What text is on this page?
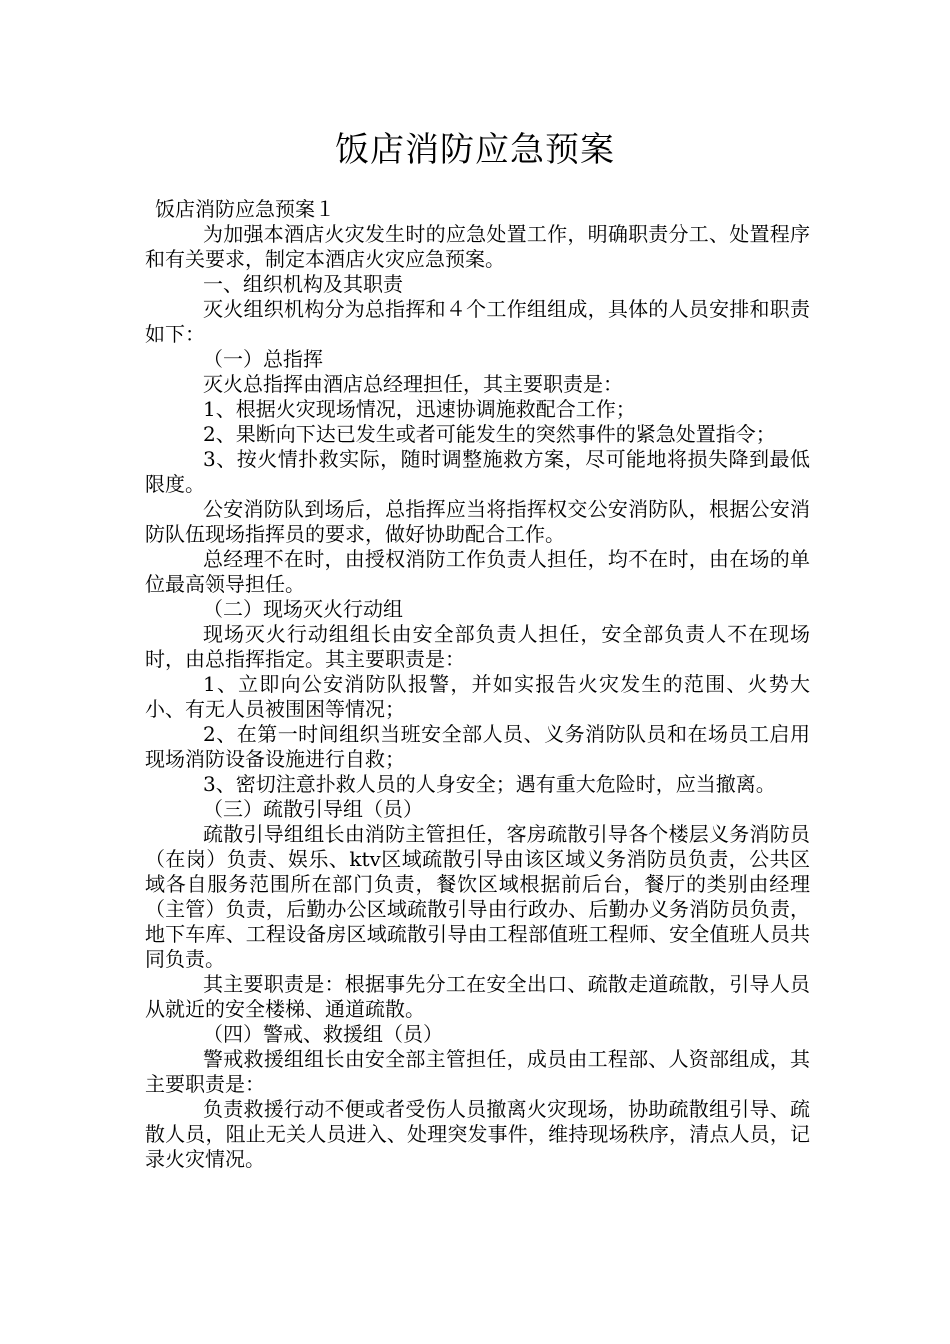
饭店消防应急预案

饭店消防应急预案１

为加强本酒店火灾发生时的应急处置工作，明确职责分工、处置程序和有关要求，制定本酒店火灾应急预案。

一、组织机构及其职责

灭火组织机构分为总指挥和４个工作组组成，具体的人员安排和职责如下：

（一）总指挥

灭火总指挥由酒店总经理担任，其主要职责是：

1、根据火灾现场情况，迅速协调施救配合工作；

2、果断向下达已发生或者可能发生的突然事件的紧急处置指令；

3、按火情扑救实际，随时调整施救方案，尽可能地将损失降到最低限度。

公安消防队到场后，总指挥应当将指挥权交公安消防队，根据公安消防队伍现场指挥员的要求，做好协助配合工作。

总经理不在时，由授权消防工作负责人担任，均不在时，由在场的单位最高领导担任。

（二）现场灭火行动组

现场灭火行动组组长由安全部负责人担任，安全部负责人不在现场时，由总指挥指定。其主要职责是：

1、立即向公安消防队报警，并如实报告火灾发生的范围、火势大小、有无人员被围困等情况；

2、在第一时间组织当班安全部人员、义务消防队员和在场员工启用现场消防设备设施进行自救；

3、密切注意扑救人员的人身安全；遇有重大危险时，应当撤离。

（三）疏散引导组（员）

疏散引导组组长由消防主管担任，客房疏散引导各个楼层义务消防员（在岗）负责、娱乐、ktv区域疏散引导由该区域义务消防员负责，公共区域各自服务范围所在部门负责，餐饮区域根据前后台，餐厅的类别由经理（主管）负责，后勤办公区域疏散引导由行政办、后勤办义务消防员负责，地下车库、工程设备房区域疏散引导由工程部值班工程师、安全值班人员共同负责。

其主要职责是：根据事先分工在安全出口、疏散走道疏散，引导人员从就近的安全楼梯、通道疏散。

（四）警戒、救援组（员）

警戒救援组组长由安全部主管担任，成员由工程部、人资部组成，其主要职责是：

负责救援行动不便或者受伤人员撤离火灾现场，协助疏散组引导、疏散人员，阻止无关人员进入、处理突发事件，维持现场秩序，清点人员，记录火灾情况。
